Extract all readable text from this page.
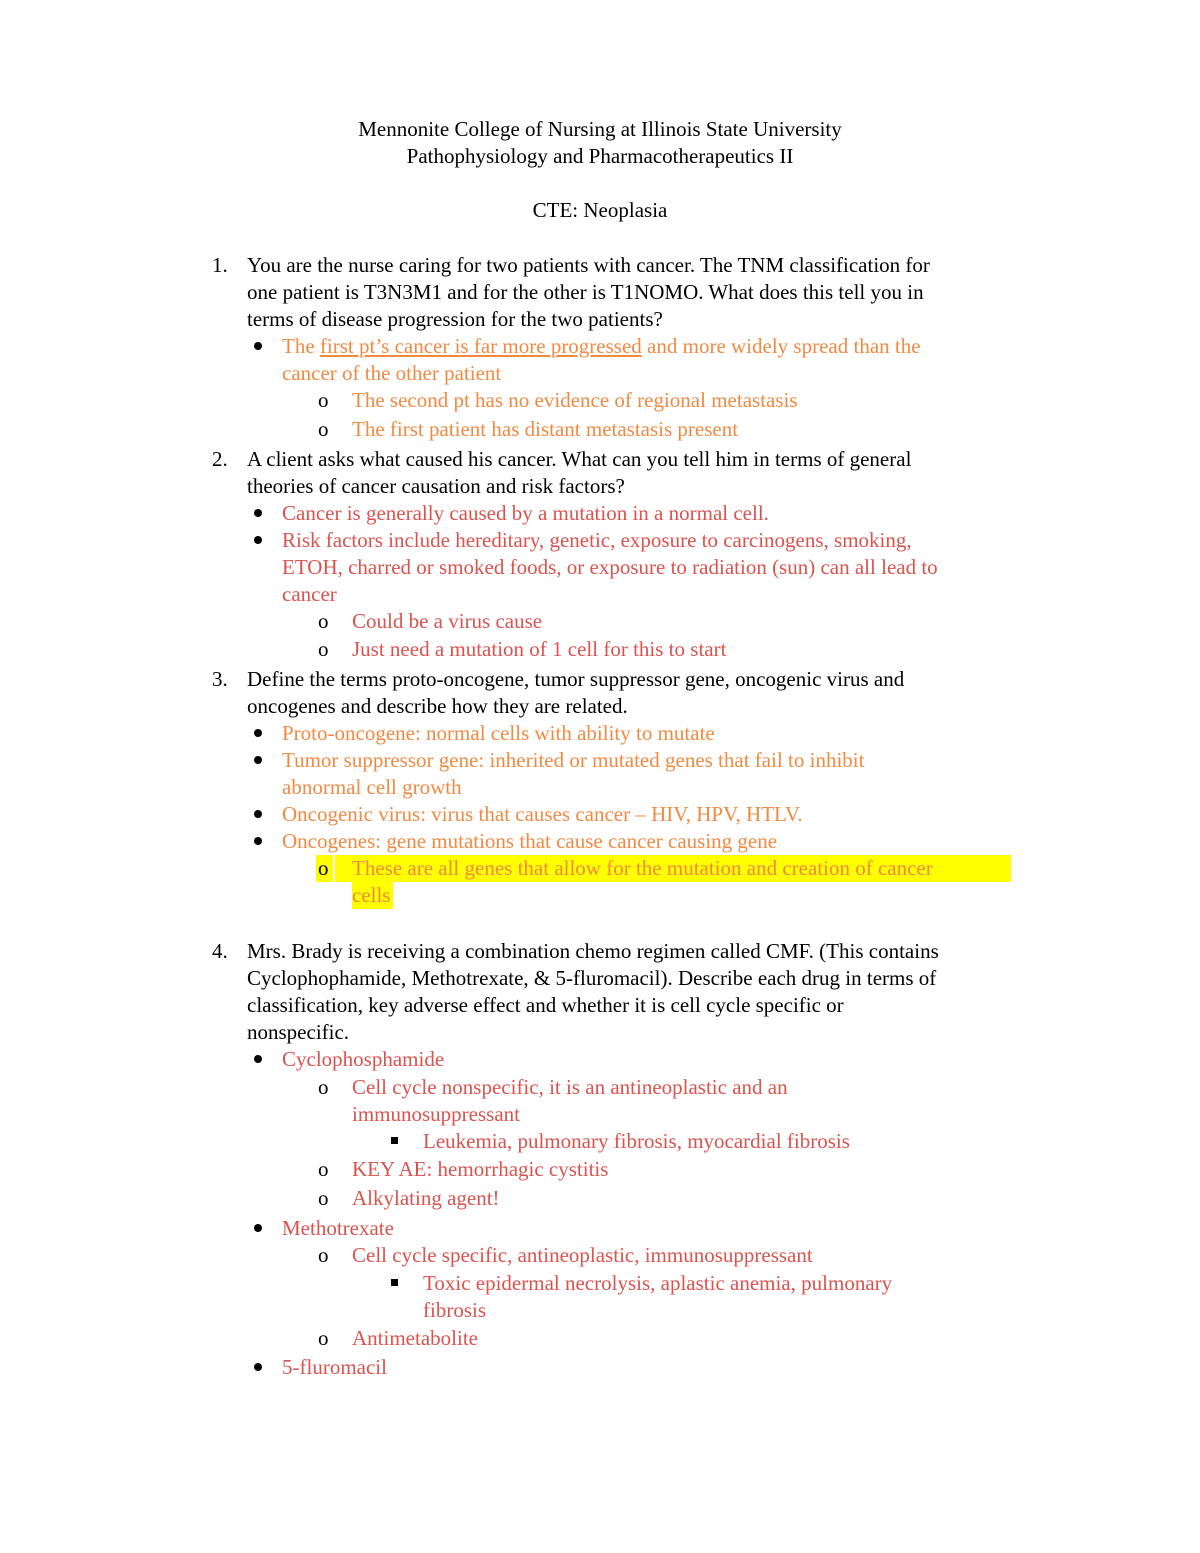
Mennonite College of Nursing at Illinois State University
Pathophysiology and Pharmacotherapeutics II
CTE: Neoplasia
1. You are the nurse caring for two patients with cancer. The TNM classification for
one patient is T3N3M1 and for the other is T1NOMO. What does this tell you in
terms of disease progression for the two patients?
The first pt’s cancer is far more progressed and more widely spread than the
cancer of the other patient
o The second pt has no evidence of regional metastasis
o The first patient has distant metastasis present
2. A client asks what caused his cancer. What can you tell him in terms of general
theories of cancer causation and risk factors?
Cancer is generally caused by a mutation in a normal cell.
Risk factors include hereditary, genetic, exposure to carcinogens, smoking,
ETOH, charred or smoked foods, or exposure to radiation (sun) can all lead to
cancer
o Could be a virus cause
o Just need a mutation of 1 cell for this to start
3. Define the terms proto-oncogene, tumor suppressor gene, oncogenic virus and
oncogenes and describe how they are related.
Proto-oncogene: normal cells with ability to mutate
Tumor suppressor gene: inherited or mutated genes that fail to inhibit
abnormal cell growth
Oncogenic virus: virus that causes cancer – HIV, HPV, HTLV.
Oncogenes: gene mutations that cause cancer causing gene
o	These are all genes that allow for the mutation and creation of cancer
cells
4. Mrs. Brady is receiving a combination chemo regimen called CMF. (This contains
Cyclophophamide, Methotrexate, & 5-fluromacil). Describe each drug in terms of
classification, key adverse effect and whether it is cell cycle specific or
nonspecific.
Cyclophosphamide
o Cell cycle nonspecific, it is an antineoplastic and an
immunosuppressant
Leukemia, pulmonary fibrosis, myocardial fibrosis
o KEY AE: hemorrhagic cystitis
o Alkylating agent!
Methotrexate
o Cell cycle specific, antineoplastic, immunosuppressant
Toxic epidermal necrolysis, aplastic anemia, pulmonary
fibrosis
o Antimetabolite
5-fluromacil
